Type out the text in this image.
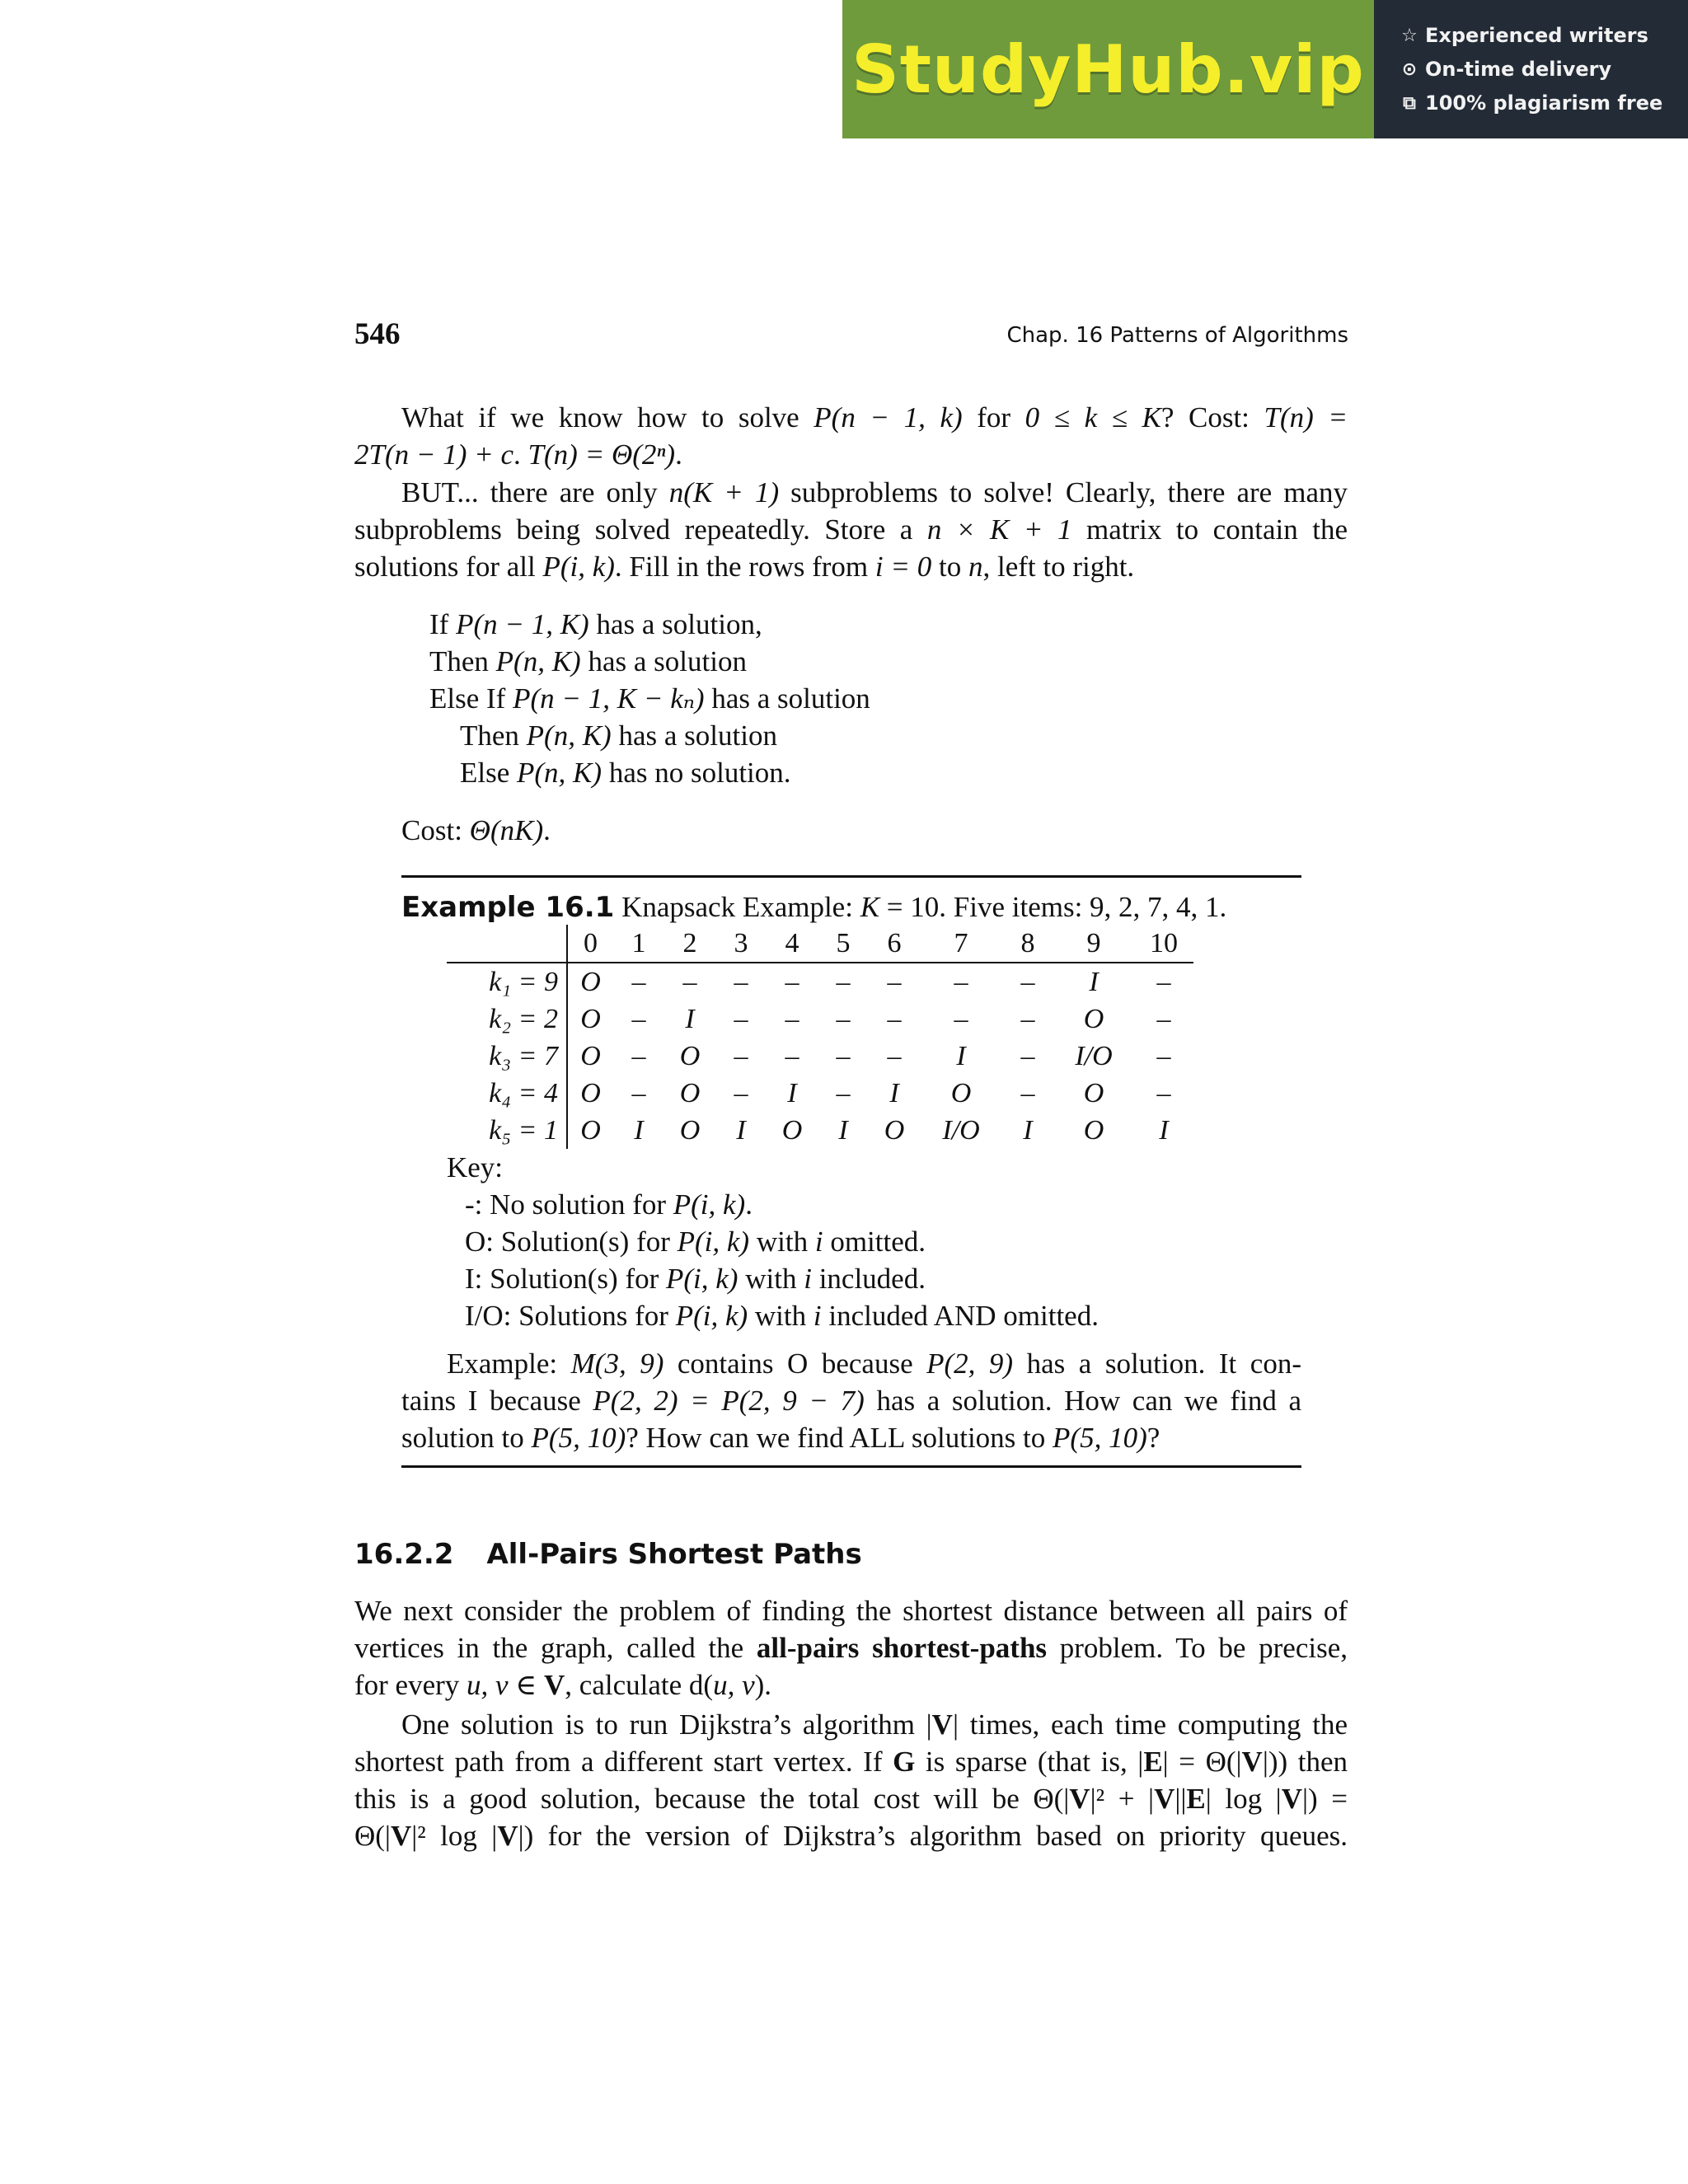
StudyHub.vip ☆ Experienced writers
⊙ On-time delivery
⧉ 100% plagiarism free
546	Chap. 16 Patterns of Algorithms
What if we know how to solve P(n − 1, k) for 0 ≤ k ≤ K? Cost: T(n) =
2T(n − 1) + c. T(n) = Θ(2ⁿ).
BUT... there are only n(K + 1) subproblems to solve! Clearly, there are many
subproblems being solved repeatedly. Store a n × K + 1 matrix to contain the
solutions for all P(i, k). Fill in the rows from i = 0 to n, left to right.
If P(n − 1, K) has a solution,
Then P(n, K) has a solution
Else If P(n − 1, K − kₙ) has a solution
Then P(n, K) has a solution
Else P(n, K) has no solution.
Cost: Θ(nK).
Example 16.1 Knapsack Example: K = 10. Five items: 9, 2, 7, 4, 1.
	0	1	2	3	4	5	6	7	8	9	10
k₁ = 9	O	–	–	–	–	–	–	–	–	I	–
k₂ = 2	O	–	I	–	–	–	–	–	–	O	–
k₃ = 7	O	–	O	–	–	–	–	I	–	I/O	–
k₄ = 4	O	–	O	–	I	–	I	O	–	O	–
k₅ = 1	O	I	O	I	O	I	O	I/O	I	O	I
Key:
-: No solution for P(i, k).
O: Solution(s) for P(i, k) with i omitted.
I: Solution(s) for P(i, k) with i included.
I/O: Solutions for P(i, k) with i included AND omitted.
Example: M(3, 9) contains O because P(2, 9) has a solution. It con-
tains I because P(2, 2) = P(2, 9 − 7) has a solution. How can we find a
solution to P(5, 10)? How can we find ALL solutions to P(5, 10)?
16.2.2 All-Pairs Shortest Paths
We next consider the problem of finding the shortest distance between all pairs of
vertices in the graph, called the all-pairs shortest-paths problem. To be precise,
for every u, v ∈ V, calculate d(u, v).
One solution is to run Dijkstra’s algorithm |V| times, each time computing the
shortest path from a different start vertex. If G is sparse (that is, |E| = Θ(|V|)) then
this is a good solution, because the total cost will be Θ(|V|² + |V||E| log |V|) =
Θ(|V|² log |V|) for the version of Dijkstra’s algorithm based on priority queues.
